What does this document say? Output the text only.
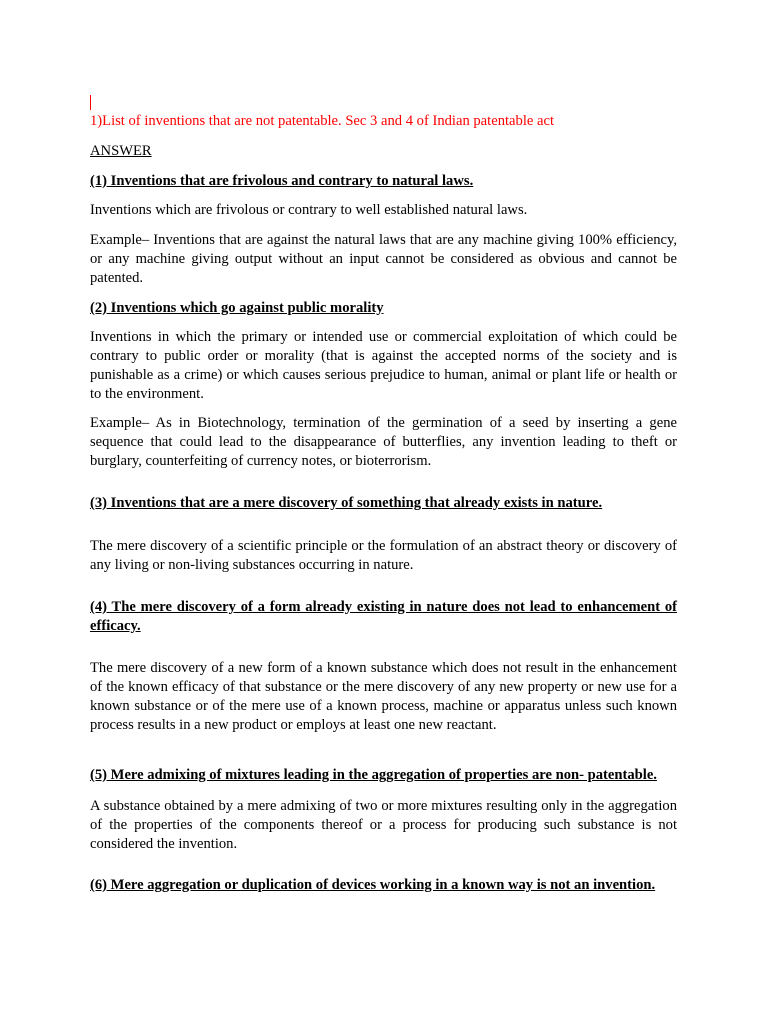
1)List of inventions that are not patentable. Sec 3 and 4 of Indian patentable act

ANSWER

(1) Inventions that are frivolous and contrary to natural laws.

Inventions which are frivolous or contrary to well established natural laws.

Example– Inventions that are against the natural laws that are any machine giving 100% efficiency, or any machine giving output without an input cannot be considered as obvious and cannot be patented.

(2) Inventions which go against public morality

Inventions in which the primary or intended use or commercial exploitation of which could be contrary to public order or morality (that is against the accepted norms of the society and is punishable as a crime) or which causes serious prejudice to human, animal or plant life or health or to the environment.

Example– As in Biotechnology, termination of the germination of a seed by inserting a gene sequence that could lead to the disappearance of butterflies, any invention leading to theft or burglary, counterfeiting of currency notes, or bioterrorism.

(3) Inventions that are a mere discovery of something that already exists in nature.

The mere discovery of a scientific principle or the formulation of an abstract theory or discovery of any living or non-living substances occurring in nature.

(4) The mere discovery of a form already existing in nature does not lead to enhancement of efficacy.

The mere discovery of a new form of a known substance which does not result in the enhancement of the known efficacy of that substance or the mere discovery of any new property or new use for a known substance or of the mere use of a known process, machine or apparatus unless such known process results in a new product or employs at least one new reactant.

(5) Mere admixing of mixtures leading in the aggregation of properties are non- patentable.

A substance obtained by a mere admixing of two or more mixtures resulting only in the aggregation of the properties of the components thereof or a process for producing such substance is not considered the invention.

(6) Mere aggregation or duplication of devices working in a known way is not an invention.
